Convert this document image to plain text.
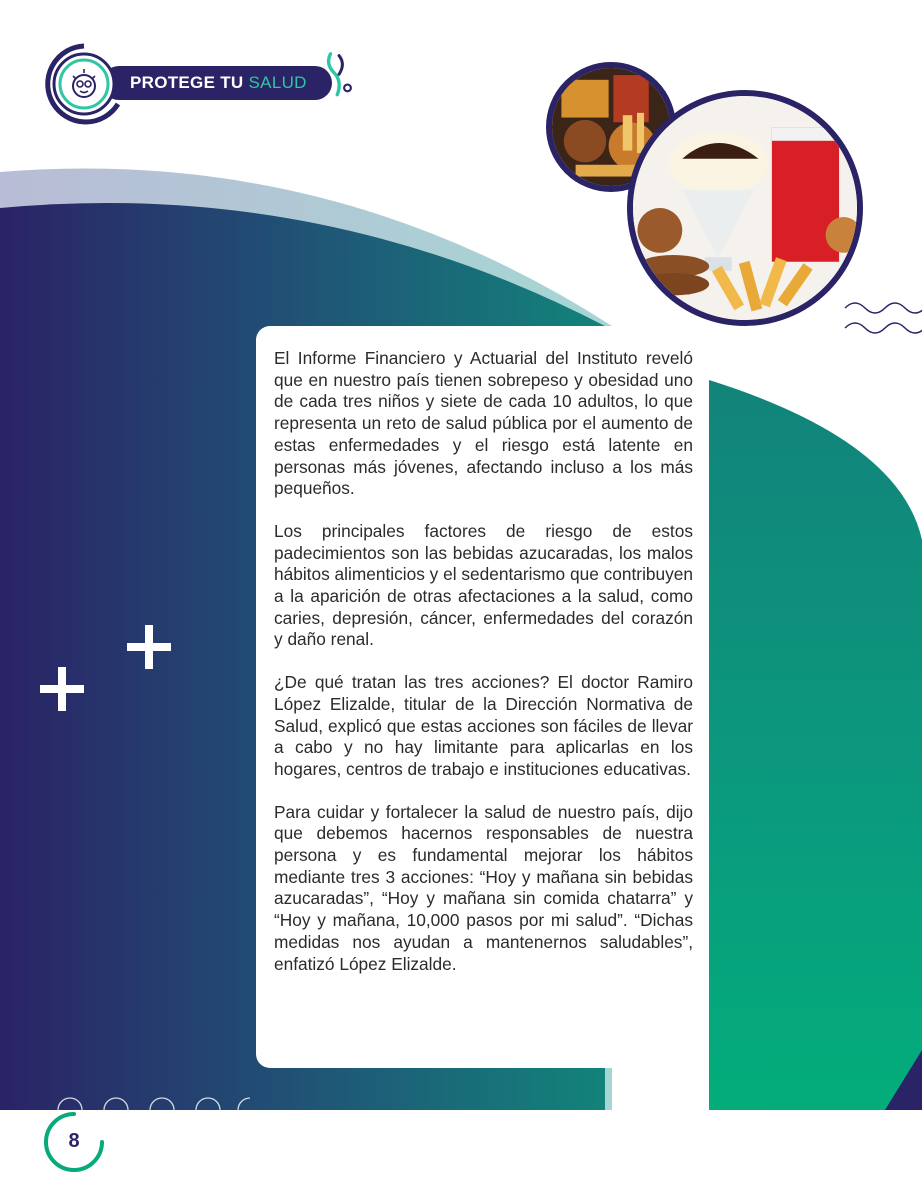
PROTEGE TU SALUD

El Informe Financiero y Actuarial del Instituto reveló que en nuestro país tienen sobrepeso y obesidad uno de cada tres niños y siete de cada 10 adultos, lo que representa un reto de salud pública por el aumento de estas enfermedades y el riesgo está latente en personas más jóvenes, afectando incluso a los más pequeños.

Los principales factores de riesgo de estos padecimientos son las bebidas azucaradas, los malos hábitos alimenticios y el sedentarismo que contribuyen a la aparición de otras afectaciones a la salud, como caries, depresión, cáncer, enfermedades del corazón y daño renal.

¿De qué tratan las tres acciones? El doctor Ramiro López Elizalde, titular de la Dirección Normativa de Salud, explicó que estas acciones son fáciles de llevar a cabo y no hay limitante para aplicarlas en los hogares, centros de trabajo e instituciones educativas.

Para cuidar y fortalecer la salud de nuestro país, dijo que debemos hacernos responsables de nuestra persona y es fundamental mejorar los hábitos mediante tres 3 acciones: “Hoy y mañana sin bebidas azucaradas”, “Hoy y mañana sin comida chatarra” y “Hoy y mañana, 10,000 pasos por mi salud”. “Dichas medidas nos ayudan a mantenernos saludables”, enfatizó López Elizalde.

8
